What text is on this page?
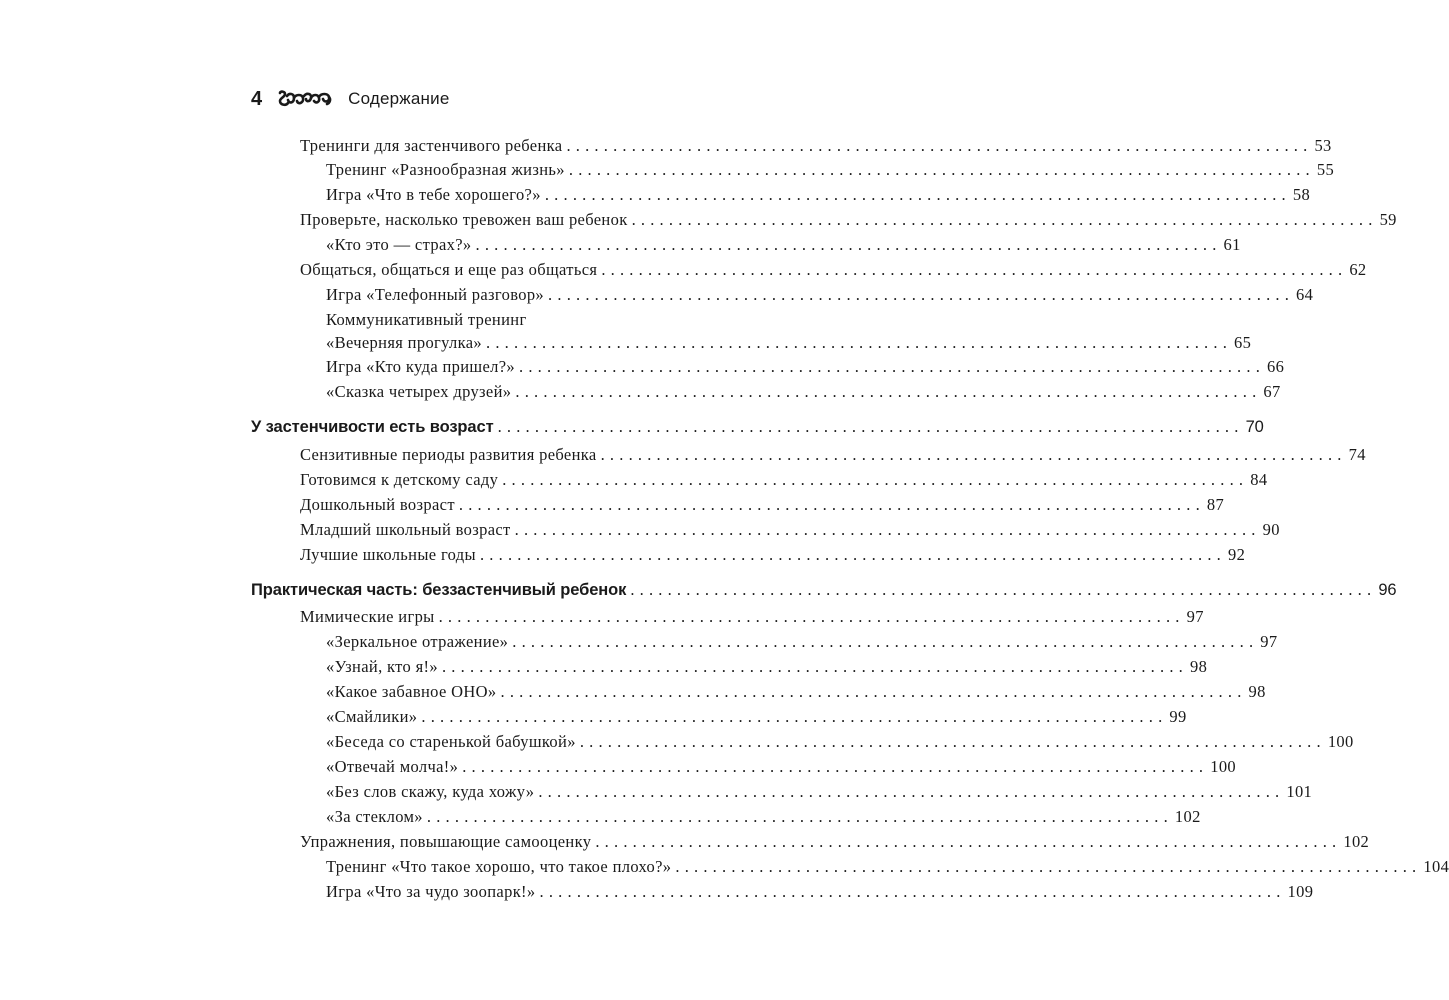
4	Содержание
Тренинги для застенчивого ребенка ................................................................................ 53
Тренинг «Разнообразная жизнь» ................................................................................ 55
Игра «Что в тебе хорошего?» ................................................................................ 58
Проверьте, насколько тревожен ваш ребенок ................................................................................ 59
«Кто это — страх?» ................................................................................ 61
Общаться, общаться и еще раз общаться ................................................................................ 62
Игра «Телефонный разговор» ................................................................................ 64
Коммуникативный тренинг
«Вечерняя прогулка» ................................................................................ 65
Игра «Кто куда пришел?» ................................................................................ 66
«Сказка четырех друзей» ................................................................................ 67
У застенчивости есть возраст ................................................................................ 70
Сензитивные периоды развития ребенка ................................................................................ 74
Готовимся к детскому саду ................................................................................ 84
Дошкольный возраст ................................................................................ 87
Младший школьный возраст ................................................................................ 90
Лучшие школьные годы ................................................................................ 92
Практическая часть: беззастенчивый ребенок ................................................................................ 96
Мимические игры ................................................................................ 97
«Зеркальное отражение» ................................................................................ 97
«Узнай, кто я!» ................................................................................ 98
«Какое забавное ОНО» ................................................................................ 98
«Смайлики» ................................................................................ 99
«Беседа со старенькой бабушкой» ................................................................................ 100
«Отвечай молча!» ................................................................................ 100
«Без слов скажу, куда хожу» ................................................................................ 101
«За стеклом» ................................................................................ 102
Упражнения, повышающие самооценку ................................................................................ 102
Тренинг «Что такое хорошо, что такое плохо?» ................................................................................ 104
Игра «Что за чудо зоопарк!» ................................................................................ 109
